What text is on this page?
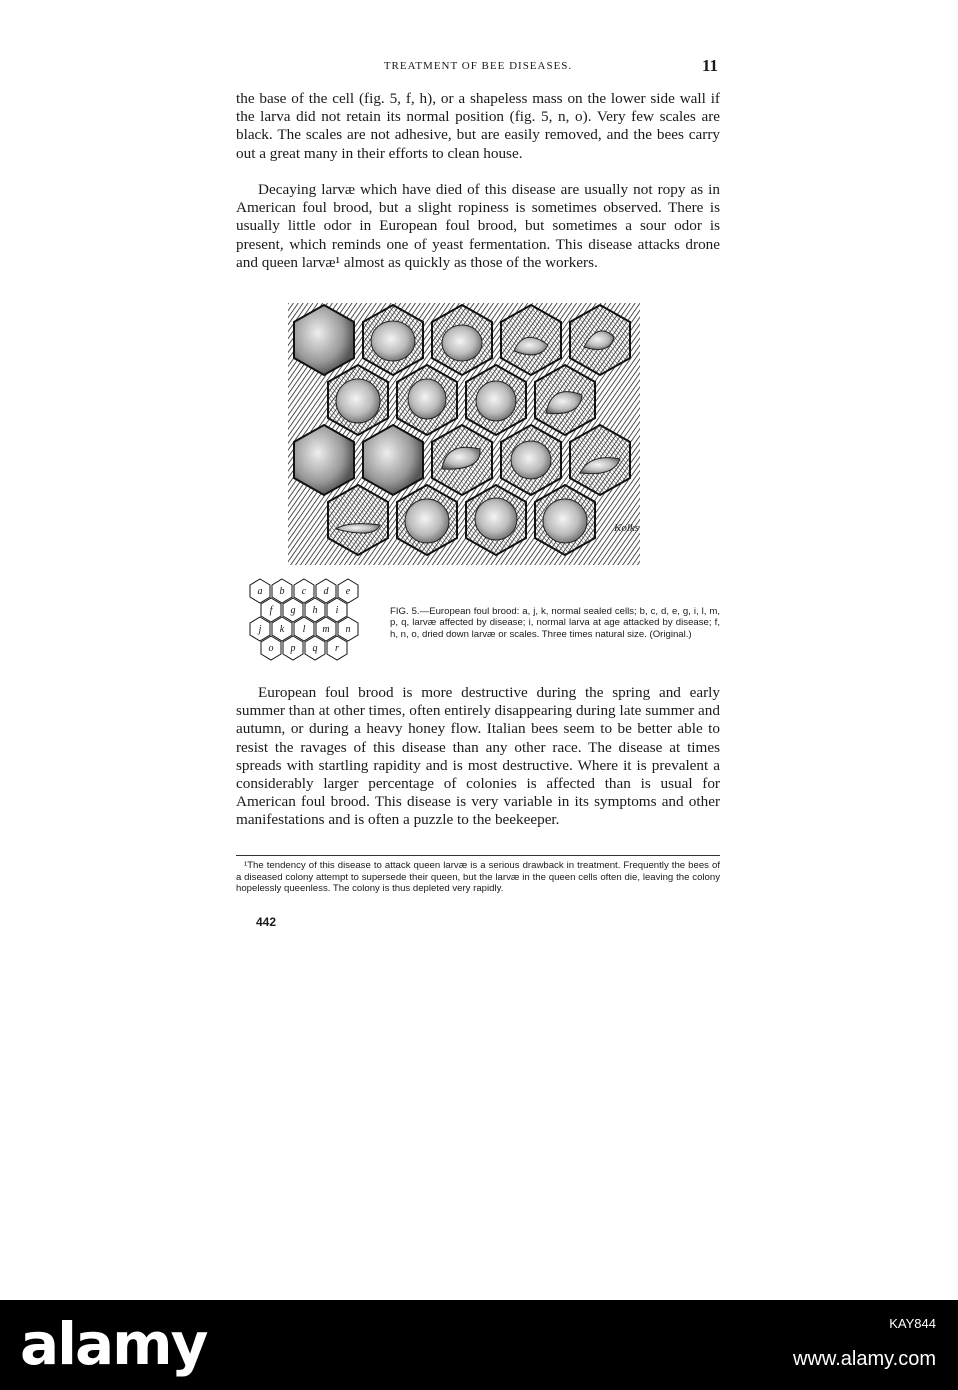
TREATMENT OF BEE DISEASES.	11

the base of the cell (fig. 5, f, h), or a shapeless mass on the lower side wall if the larva did not retain its normal position (fig. 5, n, o). Very few scales are black. The scales are not adhesive, but are easily removed, and the bees carry out a great many in their efforts to clean house.

Decaying larvæ which have died of this disease are usually not ropy as in American foul brood, but a slight ropiness is sometimes observed. There is usually little odor in European foul brood, but sometimes a sour odor is present, which reminds one of yeast fermentation. This disease attacks drone and queen larvæ¹ almost as quickly as those of the workers.

Kolks
a b c d e
f g h i
j k l m n
o p q r

FIG. 5.—European foul brood: a, j, k, normal sealed cells; b, c, d, e, g, i, l, m, p, q, larvæ affected by disease; i, normal larva at age attacked by disease; f, h, n, o, dried down larvæ or scales. Three times natural size. (Original.)

European foul brood is more destructive during the spring and early summer than at other times, often entirely disappearing during late summer and autumn, or during a heavy honey flow. Italian bees seem to be better able to resist the ravages of this disease than any other race. The disease at times spreads with startling rapidity and is most destructive. Where it is prevalent a considerably larger percentage of colonies is affected than is usual for American foul brood. This disease is very variable in its symptoms and other manifestations and is often a puzzle to the beekeeper.

¹The tendency of this disease to attack queen larvæ is a serious drawback in treatment. Frequently the bees of a diseased colony attempt to supersede their queen, but the larvæ in the queen cells often die, leaving the colony hopelessly queenless. The colony is thus depleted very rapidly.

442
alamy	KAY844
www.alamy.com
